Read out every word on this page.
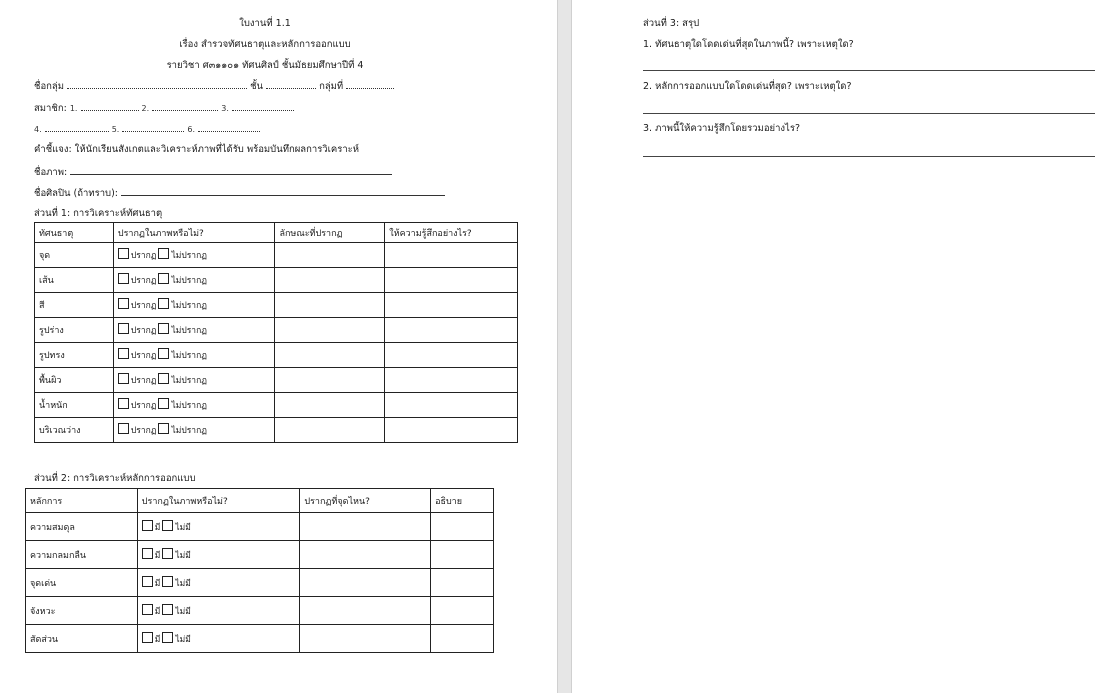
ใบงานที่ 1.1
เรื่อง สำรวจทัศนธาตุและหลักการออกแบบ
รายวิชา ศ๓๑๑๐๑ ทัศนศิลป์ ชั้นมัธยมศึกษาปีที่ 4
ชื่อกลุ่ม	ชั้น	กลุ่มที่
สมาชิก: 1.	2.	3.
4.	5.	6.
คำชี้แจง: ให้นักเรียนสังเกตและวิเคราะห์ภาพที่ได้รับ พร้อมบันทึกผลการวิเคราะห์
ชื่อภาพ:
ชื่อศิลปิน (ถ้าทราบ):
ส่วนที่ 1: การวิเคราะห์ทัศนธาตุ
ทัศนธาตุ	ปรากฏในภาพหรือไม่?	ลักษณะที่ปรากฏ	ให้ความรู้สึกอย่างไร?
จุด	ปรากฏ ไม่ปรากฏ		
เส้น	ปรากฏ ไม่ปรากฏ		
สี	ปรากฏ ไม่ปรากฏ		
รูปร่าง	ปรากฏ ไม่ปรากฏ		
รูปทรง	ปรากฏ ไม่ปรากฏ		
พื้นผิว	ปรากฏ ไม่ปรากฏ		
น้ำหนัก	ปรากฏ ไม่ปรากฏ		
บริเวณว่าง	ปรากฏ ไม่ปรากฏ		
ส่วนที่ 2: การวิเคราะห์หลักการออกแบบ
หลักการ	ปรากฏในภาพหรือไม่?	ปรากฏที่จุดไหน?	อธิบาย
ความสมดุล	มี ไม่มี		
ความกลมกลืน	มี ไม่มี		
จุดเด่น	มี ไม่มี		
จังหวะ	มี ไม่มี		
สัดส่วน	มี ไม่มี		
ส่วนที่ 3: สรุป
1. ทัศนธาตุใดโดดเด่นที่สุดในภาพนี้? เพราะเหตุใด?
2. หลักการออกแบบใดโดดเด่นที่สุด? เพราะเหตุใด?
3. ภาพนี้ให้ความรู้สึกโดยรวมอย่างไร?
